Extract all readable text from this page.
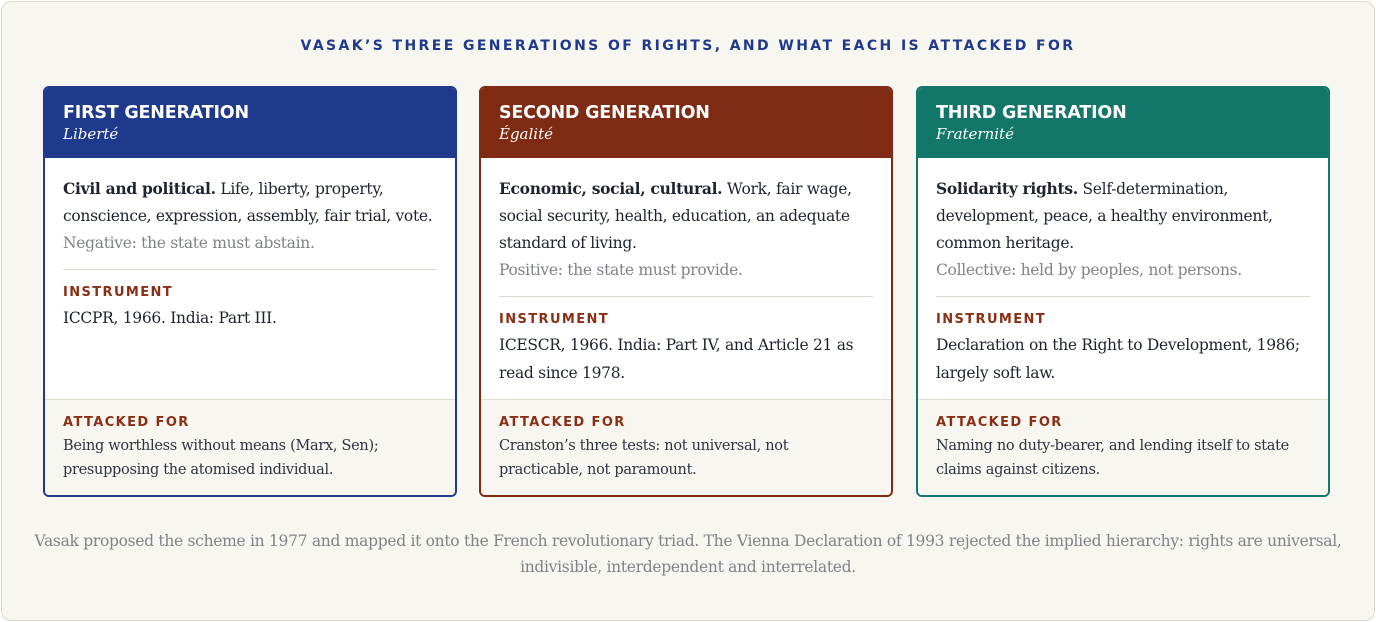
VASAK’S THREE GENERATIONS OF RIGHTS, AND WHAT EACH IS ATTACKED FOR
FIRST GENERATION
Liberté
Civil and political. Life, liberty, property, conscience, expression, assembly, fair trial, vote.
Negative: the state must abstain.
INSTRUMENT
ICCPR, 1966. India: Part III.
ATTACKED FOR
Being worthless without means (Marx, Sen); presupposing the atomised individual.
SECOND GENERATION
Égalité
Economic, social, cultural. Work, fair wage, social security, health, education, an adequate standard of living.
Positive: the state must provide.
INSTRUMENT
ICESCR, 1966. India: Part IV, and Article 21 as read since 1978.
ATTACKED FOR
Cranston’s three tests: not universal, not practicable, not paramount.
THIRD GENERATION
Fraternité
Solidarity rights. Self-determination, development, peace, a healthy environment, common heritage.
Collective: held by peoples, not persons.
INSTRUMENT
Declaration on the Right to Development, 1986; largely soft law.
ATTACKED FOR
Naming no duty-bearer, and lending itself to state claims against citizens.
Vasak proposed the scheme in 1977 and mapped it onto the French revolutionary triad. The Vienna Declaration of 1993 rejected the implied hierarchy: rights are universal, indivisible, interdependent and interrelated.
